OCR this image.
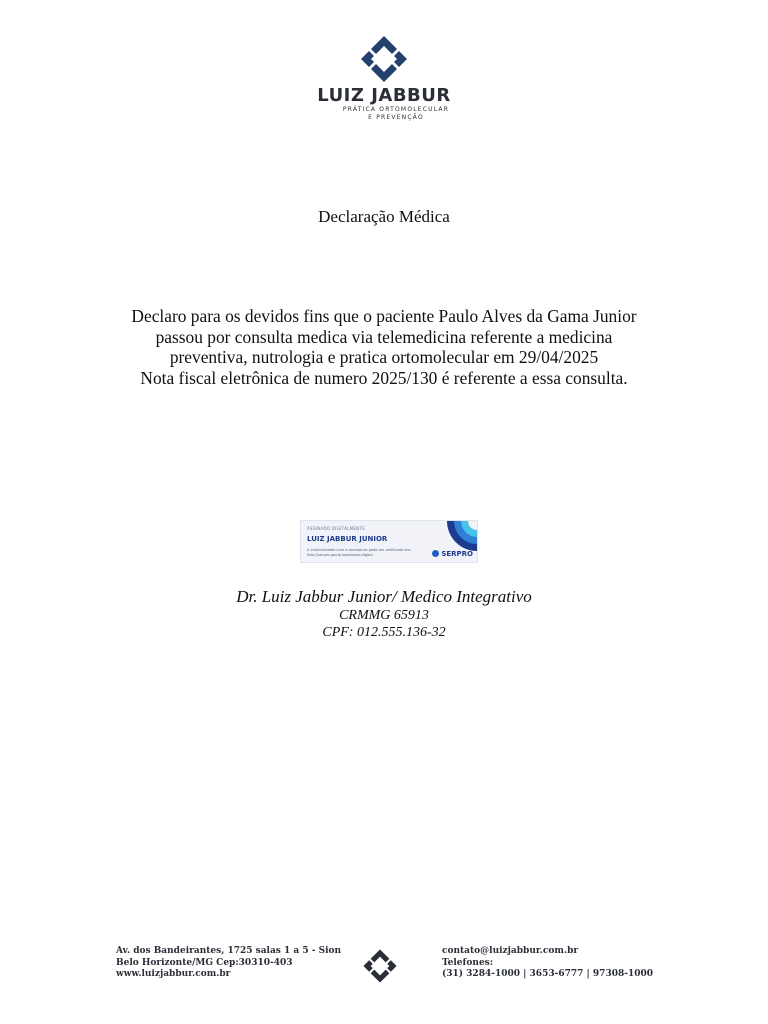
LUIZ JABBUR
PRÁTICA ORTOMOLECULAR
E PREVENÇÃO
Declaração Médica

Declaro para os devidos fins que o paciente Paulo Alves da Gama Junior passou por consulta medica via telemedicina referente a medicina preventiva, nutrologia e pratica ortomolecular em 29/04/2025

Nota fiscal eletrônica de numero 2025/130 é referente a essa consulta.

ASSINADO DIGITALMENTE
LUIZ JABBUR JUNIOR
A conformidade com a assinatura pode ser verificada em:
http://serpro.gov.br/assinador-digital	SERPRO
Dr. Luiz Jabbur Junior/ Medico Integrativo
CRMMG 65913
CPF: 012.555.136-32
Av. dos Bandeirantes, 1725 salas 1 a 5 - Sion
Belo Horizonte/MG Cep:30310-403
www.luizjabbur.com.br
contato@luizjabbur.com.br
Telefones:
(31) 3284-1000 | 3653-6777 | 97308-1000
